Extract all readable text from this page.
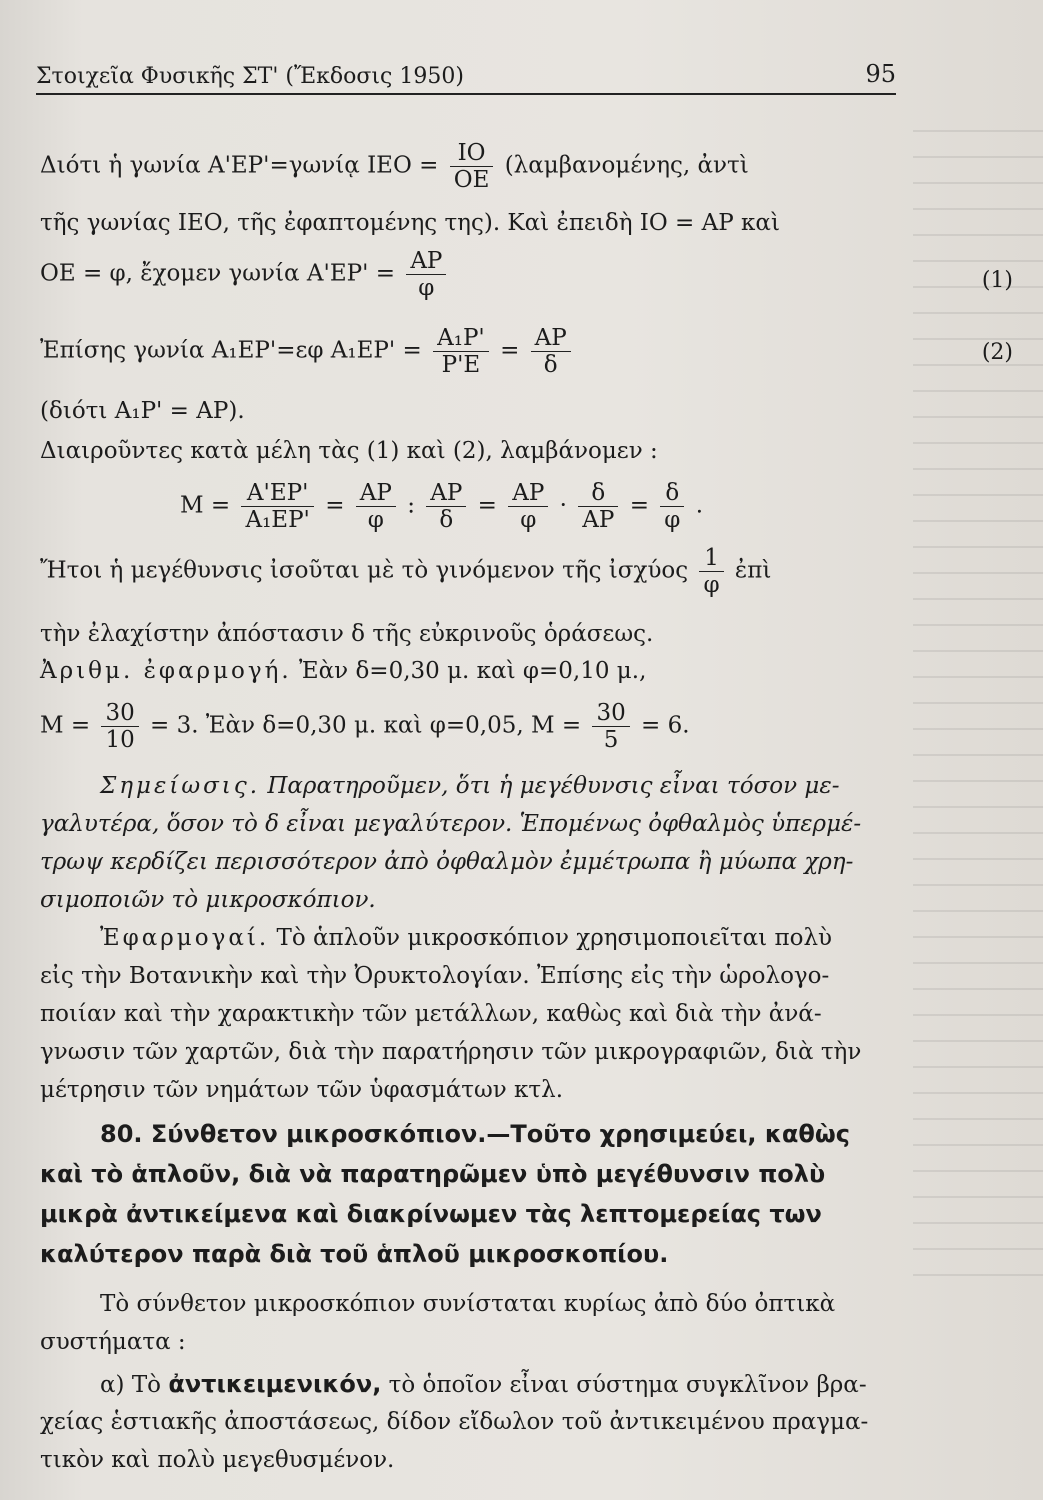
Στοιχεῖα Φυσικῆς ΣΤ' (Ἔκδοσις 1950)	95

Διότι ἡ γωνία Α'ΕΡ'=γωνίᾳ $IEO = \frac{IO}{OE} (\lambda\alpha\mu\beta\alpha\nu o\mu έ\nu\eta\varsigma$, ἀντὶ
τῆς γωνίας ΙΕΟ, τῆς ἐφαπτομένης της). Καὶ ἐπειδὴ ΙΟ = ΑΡ καὶ
ΟΕ = φ, ἔχομεν γωνία $A'EP' = \frac{AP}{\varphi}$	(1)
Ἐπίσης γωνία Α₁ΕΡ'=εφ $A_1EP' = \frac{\text{Α₁Ρ'}}{P'E} = \frac{AP}{\delta}$	(2)
(διότι Α₁Ρ' = ΑΡ).
Διαιροῦντες κατὰ μέλη τὰς (1) καὶ (2), λαμβάνομεν :
$M = \frac{A'EP'}{\text{Α₁ΕΡ'}} = \frac{AP}{\varphi}$ : $\frac{AP}{\delta} = \frac{AP}{\varphi} \cdot \frac{\delta}{AP} = \frac{\delta}{\varphi}$ .
Ἤτοι ἡ μεγέθυνσις ἰσοῦται μὲ τὸ γινόμενον τῆς ἰσχύος $\frac{1}{\varphi}$ ἐπὶ
τὴν ἐλαχίστην ἀπόστασιν δ τῆς εὐκρινοῦς ὁράσεως.
Ἀριθμ. ἐφαρμογή. Ἐὰν δ=0,30 μ. καὶ φ=0,10 μ.,
$M = \frac{30}{10} = 3$. Ἐὰν δ=0,30 μ. καὶ φ=0,05, $M = \frac{30}{5} = 6$.
Σημείωσις. Παρατηροῦμεν, ὅτι ἡ μεγέθυνσις εἶναι τόσον με-
γαλυτέρα, ὅσον τὸ δ εἶναι μεγαλύτερον. Ἑπομένως ὀφθαλμὸς ὑπερμέ-
τρωψ κερδίζει περισσότερον ἀπὸ ὀφθαλμὸν ἐμμέτρωπα ἢ μύωπα χρη-
σιμοποιῶν τὸ μικροσκόπιον.
Ἐφαρμογαί. Τὸ ἁπλοῦν μικροσκόπιον χρησιμοποιεῖται πολὺ
εἰς τὴν Βοτανικὴν καὶ τὴν Ὀρυκτολογίαν. Ἐπίσης εἰς τὴν ὡρολογο-
ποιίαν καὶ τὴν χαρακτικὴν τῶν μετάλλων, καθὼς καὶ διὰ τὴν ἀνά-
γνωσιν τῶν χαρτῶν, διὰ τὴν παρατήρησιν τῶν μικρογραφιῶν, διὰ τὴν
μέτρησιν τῶν νημάτων τῶν ὑφασμάτων κτλ.
80. Σύνθετον μικροσκόπιον.—Τοῦτο χρησιμεύει, καθὼς
καὶ τὸ ἁπλοῦν, διὰ νὰ παρατηρῶμεν ὑπὸ μεγέθυνσιν πολὺ
μικρὰ ἀντικείμενα καὶ διακρίνωμεν τὰς λεπτομερείας των
καλύτερον παρὰ διὰ τοῦ ἁπλοῦ μικροσκοπίου.
Τὸ σύνθετον μικροσκόπιον συνίσταται κυρίως ἀπὸ δύο ὀπτικὰ
συστήματα :
α) Τὸ ἀντικειμενικόν, τὸ ὁποῖον εἶναι σύστημα συγκλῖνον βρα-
χείας ἑστιακῆς ἀποστάσεως, δίδον εἴδωλον τοῦ ἀντικειμένου πραγμα-
τικὸν καὶ πολὺ μεγεθυσμένον.
